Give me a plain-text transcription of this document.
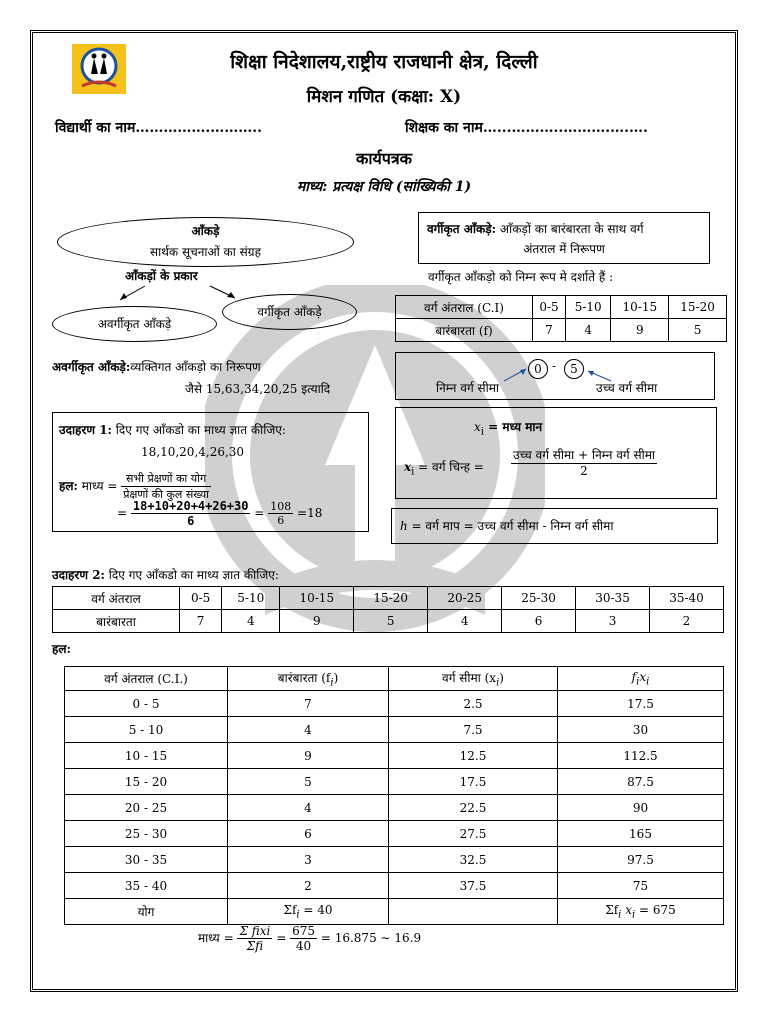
शिक्षा निदेशालय,राष्ट्रीय राजधानी क्षेत्र, दिल्ली
मिशन गणित (कक्षा: X)
विद्यार्थी का नाम…………….………..	शिक्षक का नाम…...………..……….….….
कार्यपत्रक
माध्य: प्रत्यक्ष विधि (सांख्यिकी 1)
आँकड़े
सार्थक सूचनाओं का संग्रह
आँकड़ों के प्रकार
अवर्गीकृत आँकड़े
वर्गीकृत आँकड़े
वर्गीकृत आँकड़े: आँकड़ों का बारंबारता के साथ वर्ग
अंतराल में निरूपण
वर्गीकृत आँकड़ो को निम्न रूप मे दर्शाते हैं :
वर्ग अंतराल (C.I)	0-5	5-10	10-15	15-20
बारंबारता (f)	7	4	9	5
अवर्गीकृत आँकड़े:व्यक्तिगत आँकड़ो का निरूपण
जैसे 15,63,34,20,25 इत्यादि
0 -	5
निम्न वर्ग सीमा	उच्च वर्ग सीमा
उदाहरण 1: दिए गए आँकडो का माध्य ज्ञात कीजिए:
18,10,20,4,26,30
हल: माध्य = $\frac{\text{सभी प्रेक्षणों का योग}}{\text{प्रेक्षणों की कुल संख्या}}$
= $\frac{18+10+20+4+26+30}{6} = \frac{108}{6} =18$
$x_i$ = मध्य मान
$x_i$ = वर्ग चिन्ह =
उच्च वर्ग सीमा + निम्न वर्ग सीमा
2
h = वर्ग माप = उच्च वर्ग सीमा - निम्न वर्ग सीमा
उदाहरण 2: दिए गए आँकडो का माध्य ज्ञात कीजिए:
वर्ग अंतराल	0-5	5-10	10-15	15-20	20-25	25-30	30-35	35-40
बारंबारता	7	4	9	5	4	6	3	2
हल:
वर्ग अंतराल (C.I.)	बारंबारता $(f_i)$	वर्ग सीमा $(x_i)$	$f_ix_i$
0 - 5	7	2.5	17.5
5 - 10	4	7.5	30
10 - 15	9	12.5	112.5
15 - 20	5	17.5	87.5
20 - 25	4	22.5	90
25 - 30	6	27.5	165
30 - 35	3	32.5	97.5
35 - 40	2	37.5	75
योग	$\Sigma f_i = 40$		$\Sigma f_i$ $x_i = 675$
माध्य = $\frac{\text{Σ fixi}}{\text{Σfi}} = \frac{675}{40} = 16.875$ ∼ 16.9
